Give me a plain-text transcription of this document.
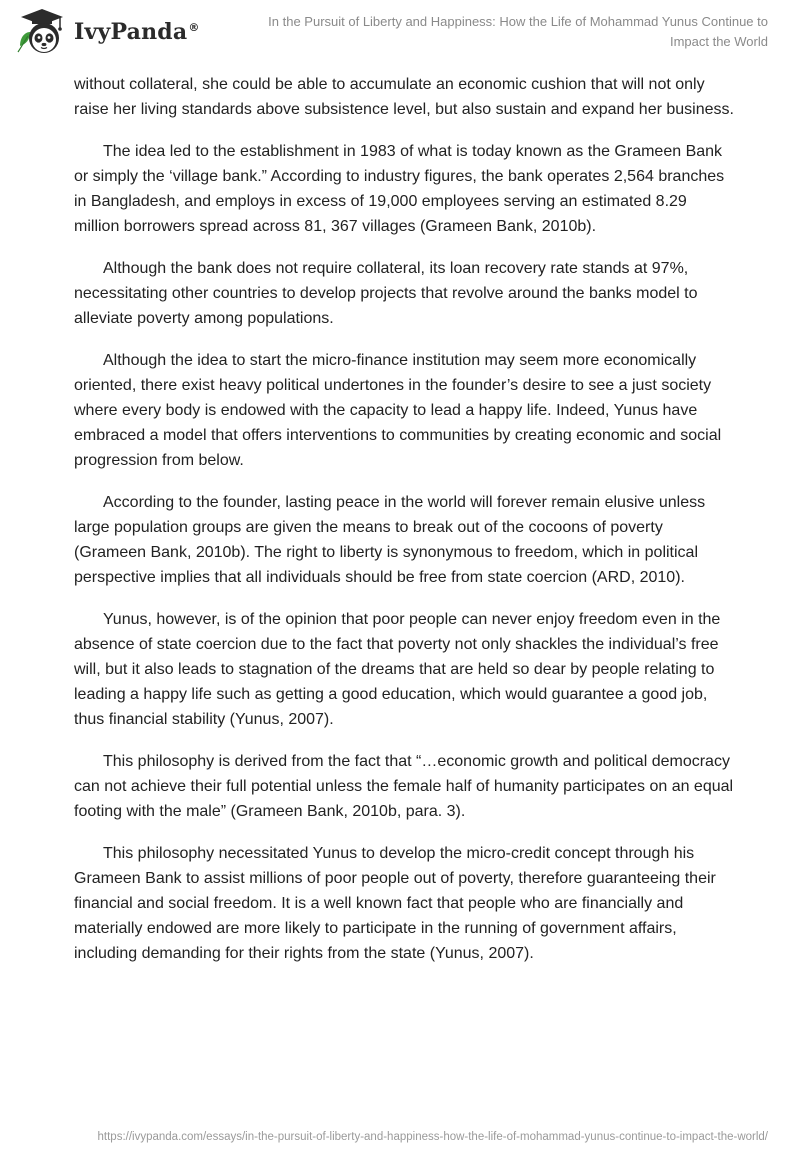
IvyPanda®	In the Pursuit of Liberty and Happiness: How the Life of Mohammad Yunus Continue to Impact the World

without collateral, she could be able to accumulate an economic cushion that will not only raise her living standards above subsistence level, but also sustain and expand her business.

The idea led to the establishment in 1983 of what is today known as the Grameen Bank or simply the ‘village bank.” According to industry figures, the bank operates 2,564 branches in Bangladesh, and employs in excess of 19,000 employees serving an estimated 8.29 million borrowers spread across 81, 367 villages (Grameen Bank, 2010b).

Although the bank does not require collateral, its loan recovery rate stands at 97%, necessitating other countries to develop projects that revolve around the banks model to alleviate poverty among populations.

Although the idea to start the micro-finance institution may seem more economically oriented, there exist heavy political undertones in the founder’s desire to see a just society where every body is endowed with the capacity to lead a happy life. Indeed, Yunus have embraced a model that offers interventions to communities by creating economic and social progression from below.

According to the founder, lasting peace in the world will forever remain elusive unless large population groups are given the means to break out of the cocoons of poverty (Grameen Bank, 2010b). The right to liberty is synonymous to freedom, which in political perspective implies that all individuals should be free from state coercion (ARD, 2010).

Yunus, however, is of the opinion that poor people can never enjoy freedom even in the absence of state coercion due to the fact that poverty not only shackles the individual’s free will, but it also leads to stagnation of the dreams that are held so dear by people relating to leading a happy life such as getting a good education, which would guarantee a good job, thus financial stability (Yunus, 2007).

This philosophy is derived from the fact that “…economic growth and political democracy can not achieve their full potential unless the female half of humanity participates on an equal footing with the male” (Grameen Bank, 2010b, para. 3).

This philosophy necessitated Yunus to develop the micro-credit concept through his Grameen Bank to assist millions of poor people out of poverty, therefore guaranteeing their financial and social freedom. It is a well known fact that people who are financially and materially endowed are more likely to participate in the running of government affairs, including demanding for their rights from the state (Yunus, 2007).

https://ivypanda.com/essays/in-the-pursuit-of-liberty-and-happiness-how-the-life-of-mohammad-yunus-continue-to-impact-the-world/
